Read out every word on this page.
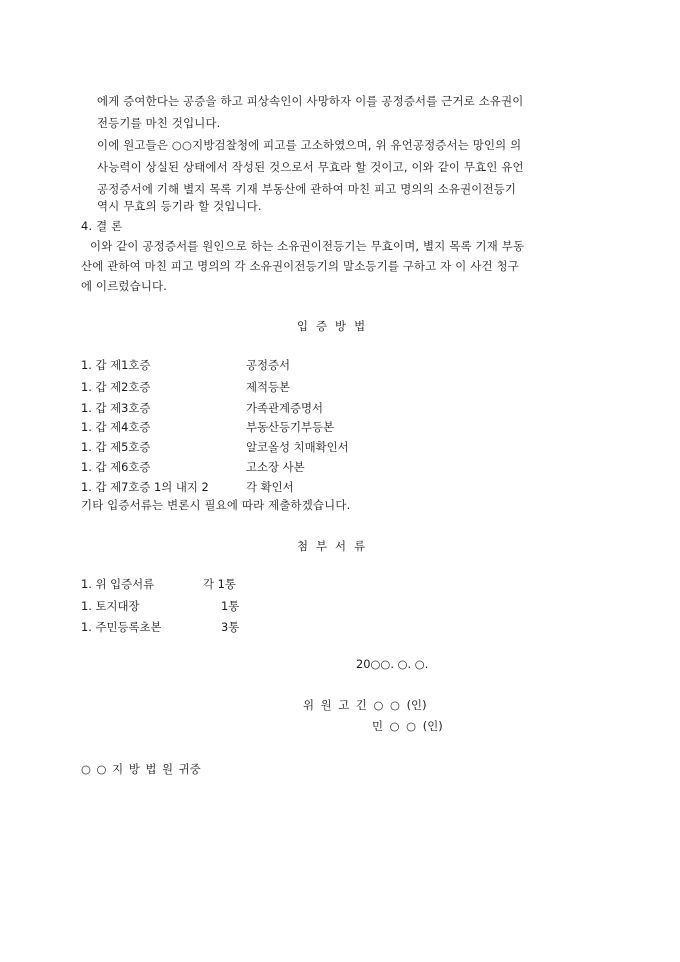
에게 증여한다는 공증을 하고 피상속인이 사망하자 이를 공정증서를 근거로 소유권이
전등기를 마친 것입니다.
이에 원고들은 ○○지방검찰청에 피고를 고소하였으며, 위 유언공정증서는 망인의 의
사능력이 상실된 상태에서 작성된 것으로서 무효라 할 것이고, 이와 같이 무효인 유언
공정증서에 기해 별지 목록 기재 부동산에 관하여 마친 피고 명의의 소유권이전등기
역시 무효의 등기라 할 것입니다.
4. 결 론
이와 같이 공정증서를 원인으로 하는 소유권이전등기는 무효이며, 별지 목록 기재 부동
산에 관하여 마친 피고 명의의 각 소유권이전등기의 말소등기를 구하고 자 이 사건 청구
에 이르렀습니다.
입 증 방 법
1. 갑 제1호증	공정증서
1. 갑 제2호증	제적등본
1. 갑 제3호증	가족관계증명서
1. 갑 제4호증	부동산등기부등본
1. 갑 제5호증	알코올성 치매확인서
1. 갑 제6호증	고소장 사본
1. 갑 제7호증 1의 내지 2	각 확인서
기타 입증서류는 변론시 필요에 따라 제출하겠습니다.
첨 부 서 류
1. 위 입증서류	각 1통
1. 토지대장	1통
1. 주민등록초본	3통
20○○. ○. ○.
위 원 고 긴 ○ ○ (인)
민 ○ ○ (인)
○ ○ 지 방 법 원 귀중
